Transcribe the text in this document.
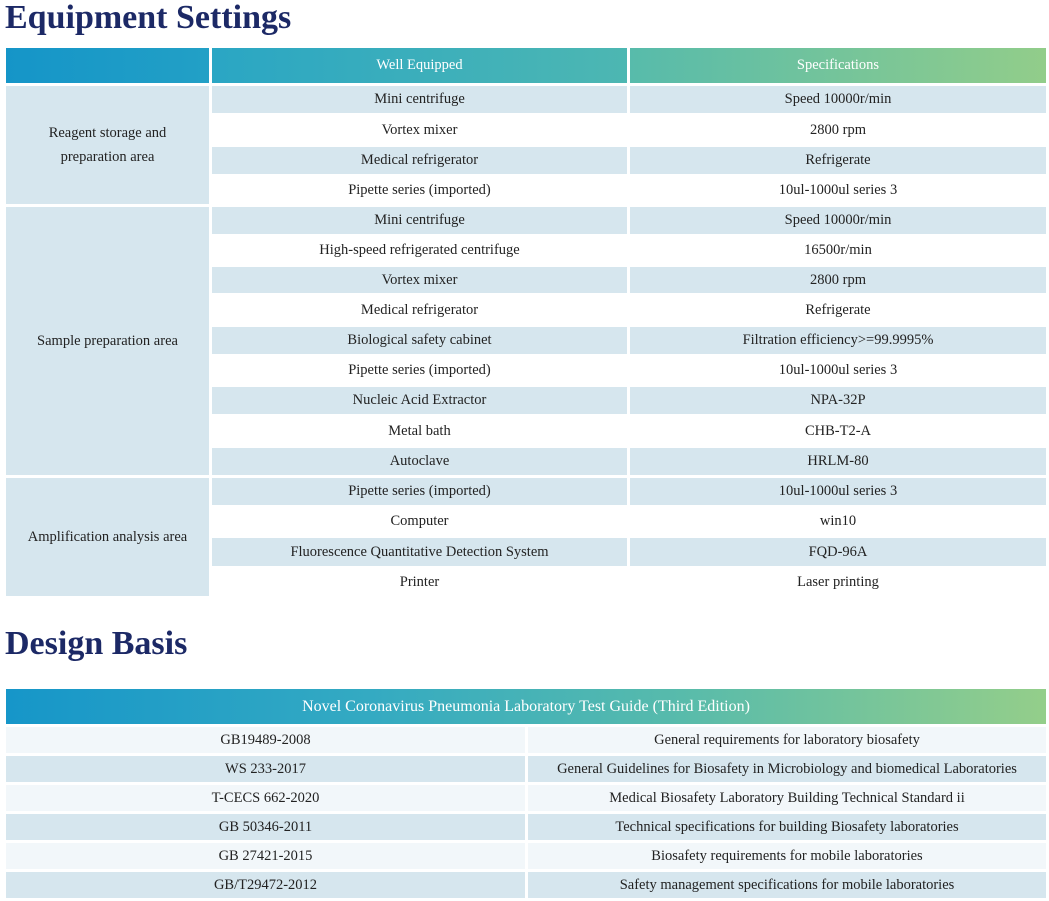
Equipment Settings
	Well Equipped	Specifications
Reagent storage and preparation area	Mini centrifuge	Speed 10000r/min
	Vortex mixer	2800 rpm
	Medical refrigerator	Refrigerate
	Pipette series (imported)	10ul-1000ul series 3
Sample preparation area	Mini centrifuge	Speed 10000r/min
	High-speed refrigerated centrifuge	16500r/min
	Vortex mixer	2800 rpm
	Medical refrigerator	Refrigerate
	Biological safety cabinet	Filtration efficiency>=99.9995%
	Pipette series (imported)	10ul-1000ul series 3
	Nucleic Acid Extractor	NPA-32P
	Metal bath	CHB-T2-A
	Autoclave	HRLM-80
Amplification analysis area	Pipette series (imported)	10ul-1000ul series 3
	Computer	win10
	Fluorescence Quantitative Detection System	FQD-96A
	Printer	Laser printing
Design Basis
Novel Coronavirus Pneumonia Laboratory Test Guide (Third Edition)	
GB19489-2008	General requirements for laboratory biosafety
WS 233-2017	General Guidelines for Biosafety in Microbiology and biomedical Laboratories
T-CECS 662-2020	Medical Biosafety Laboratory Building Technical Standard ii
GB 50346-2011	Technical specifications for building Biosafety laboratories
GB 27421-2015	Biosafety requirements for mobile laboratories
GB/T29472-2012	Safety management specifications for mobile laboratories
